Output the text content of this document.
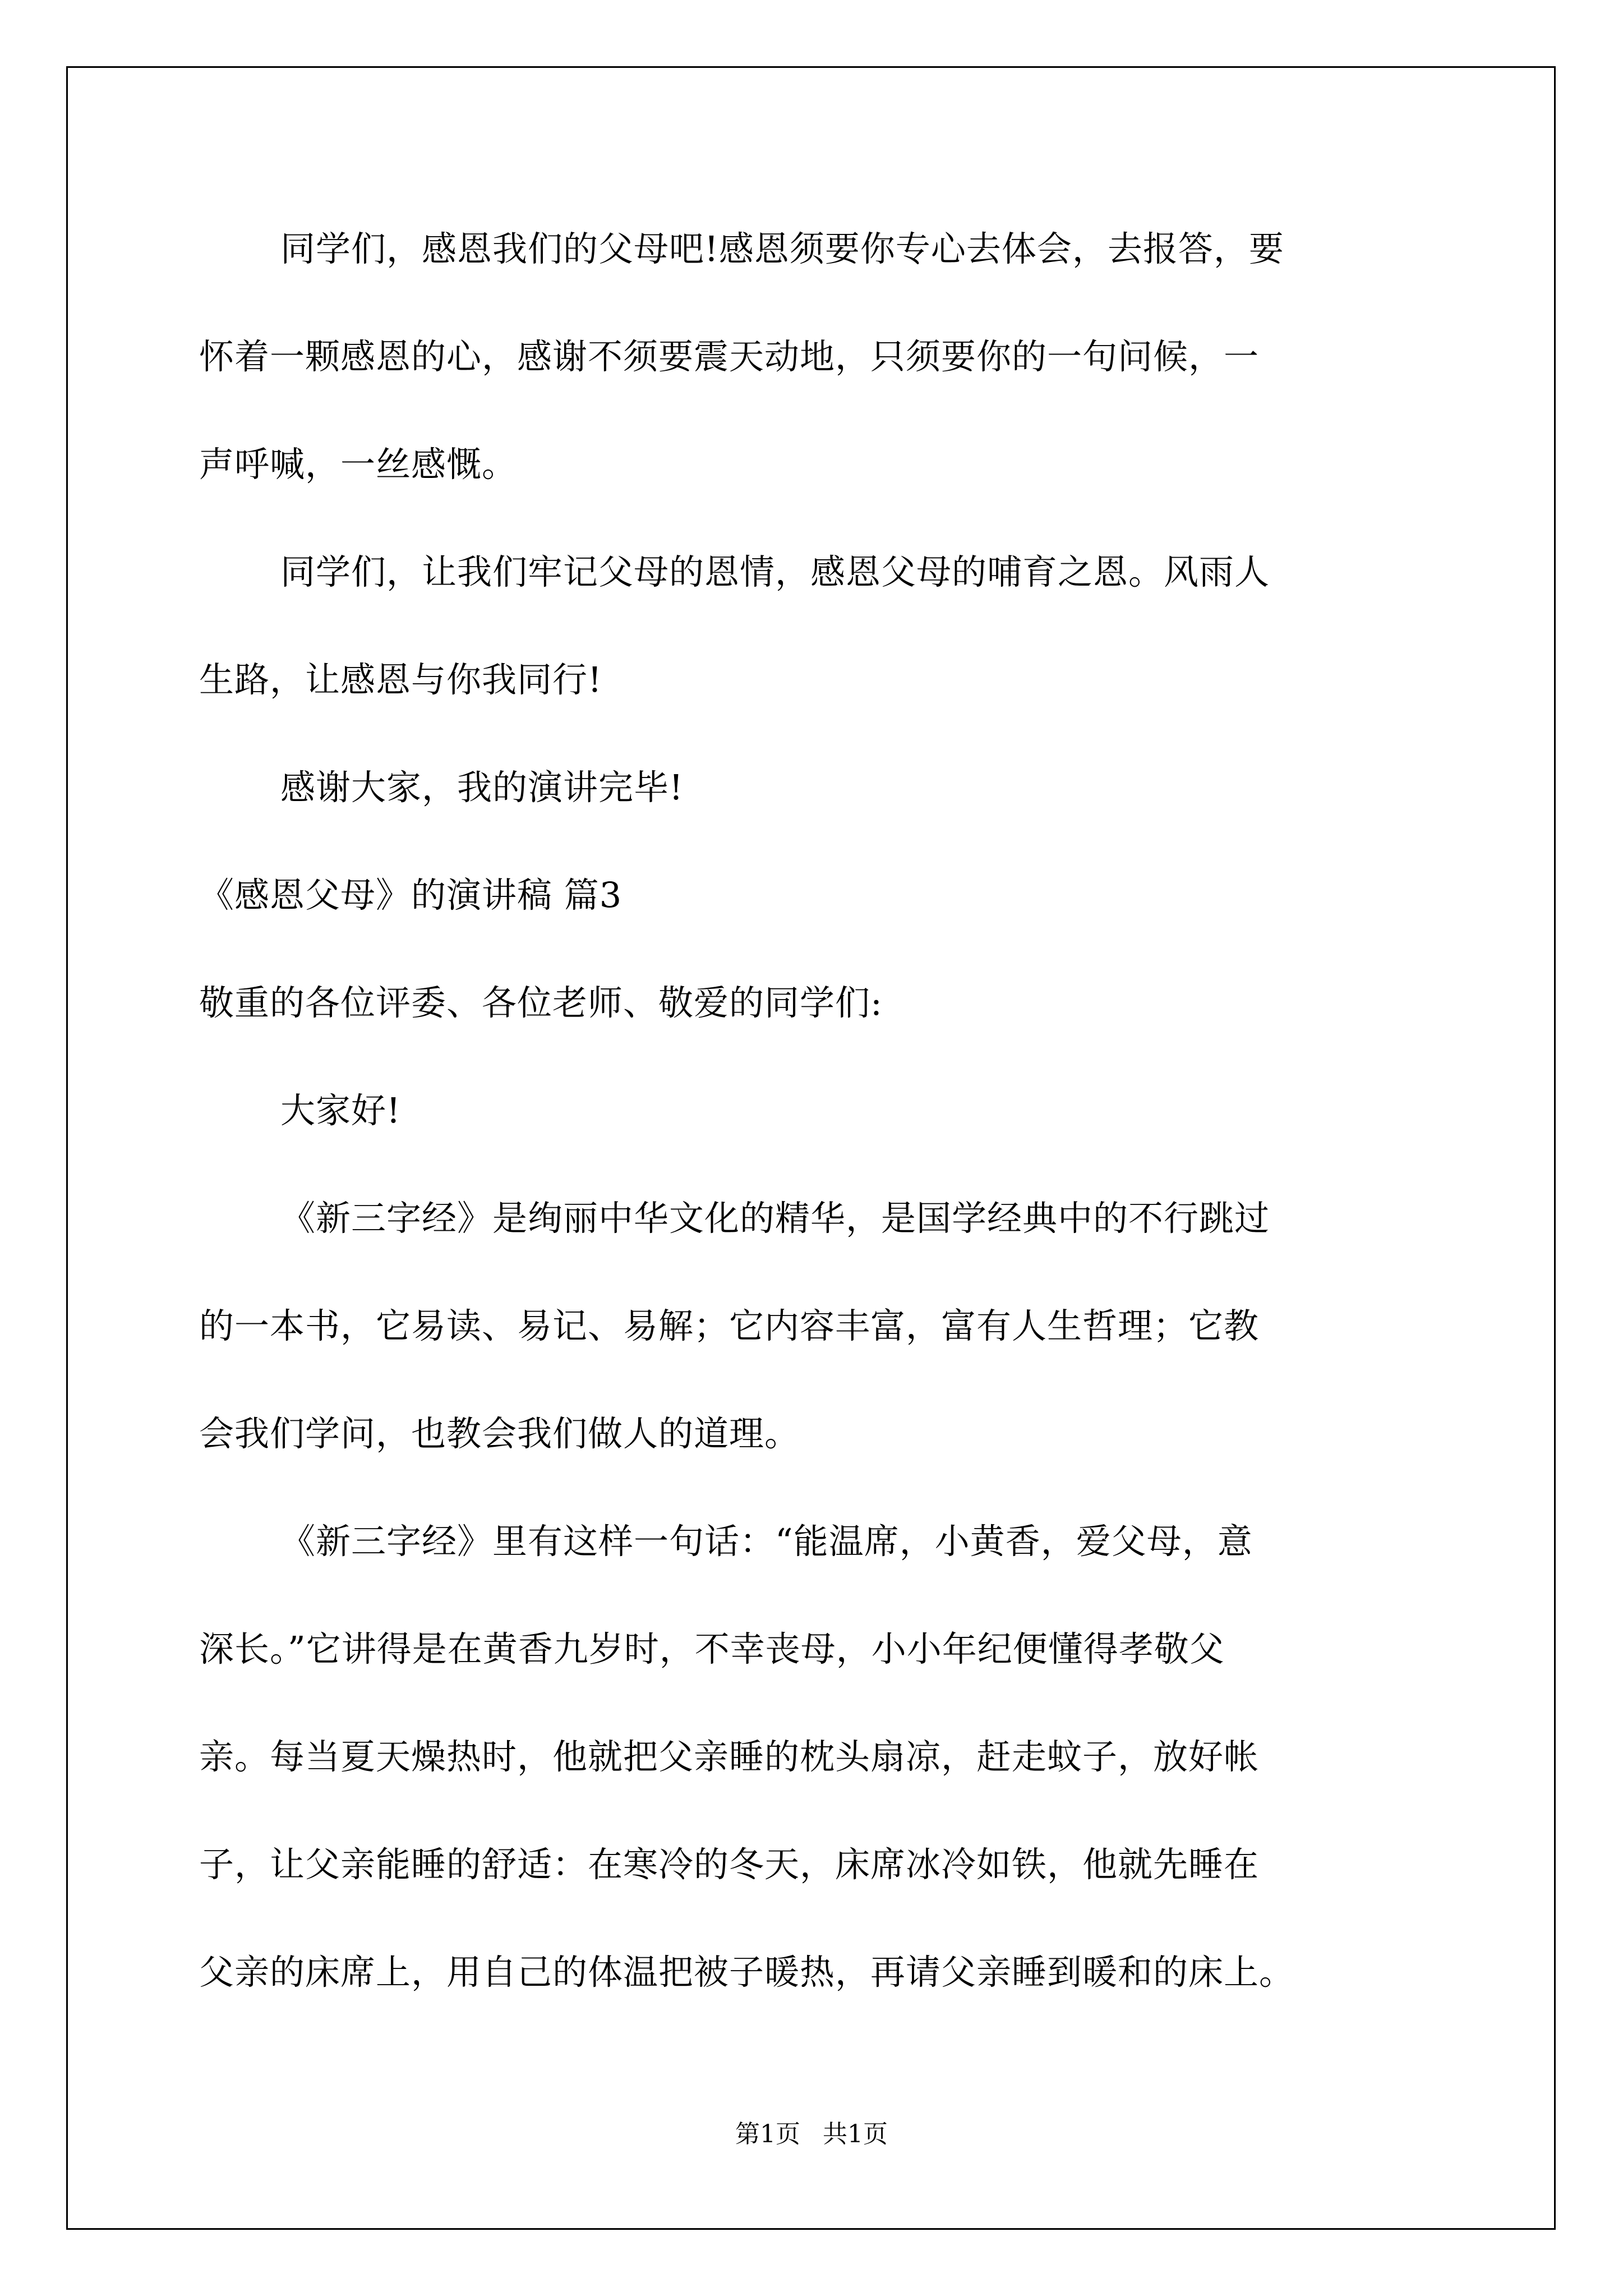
同学们，感恩我们的父母吧!感恩须要你专心去体会，去报答，要
怀着一颗感恩的心，感谢不须要震天动地，只须要你的一句问候，一
声呼喊，一丝感慨。
同学们，让我们牢记父母的恩情，感恩父母的哺育之恩。风雨人
生路，让感恩与你我同行!
感谢大家，我的演讲完毕!
《感恩父母》的演讲稿 篇3
敬重的各位评委、各位老师、敬爱的同学们:
大家好!
《新三字经》是绚丽中华文化的精华，是国学经典中的不行跳过
的一本书，它易读、易记、易解；它内容丰富，富有人生哲理；它教
会我们学问，也教会我们做人的道理。
《新三字经》里有这样一句话：“能温席，小黄香，爱父母，意
深长。”它讲得是在黄香九岁时，不幸丧母，小小年纪便懂得孝敬父
亲。每当夏天燥热时，他就把父亲睡的枕头扇凉，赶走蚊子，放好帐
子，让父亲能睡的舒适：在寒冷的冬天，床席冰冷如铁，他就先睡在
父亲的床席上，用自己的体温把被子暖热，再请父亲睡到暖和的床上。
第1页 共1页
